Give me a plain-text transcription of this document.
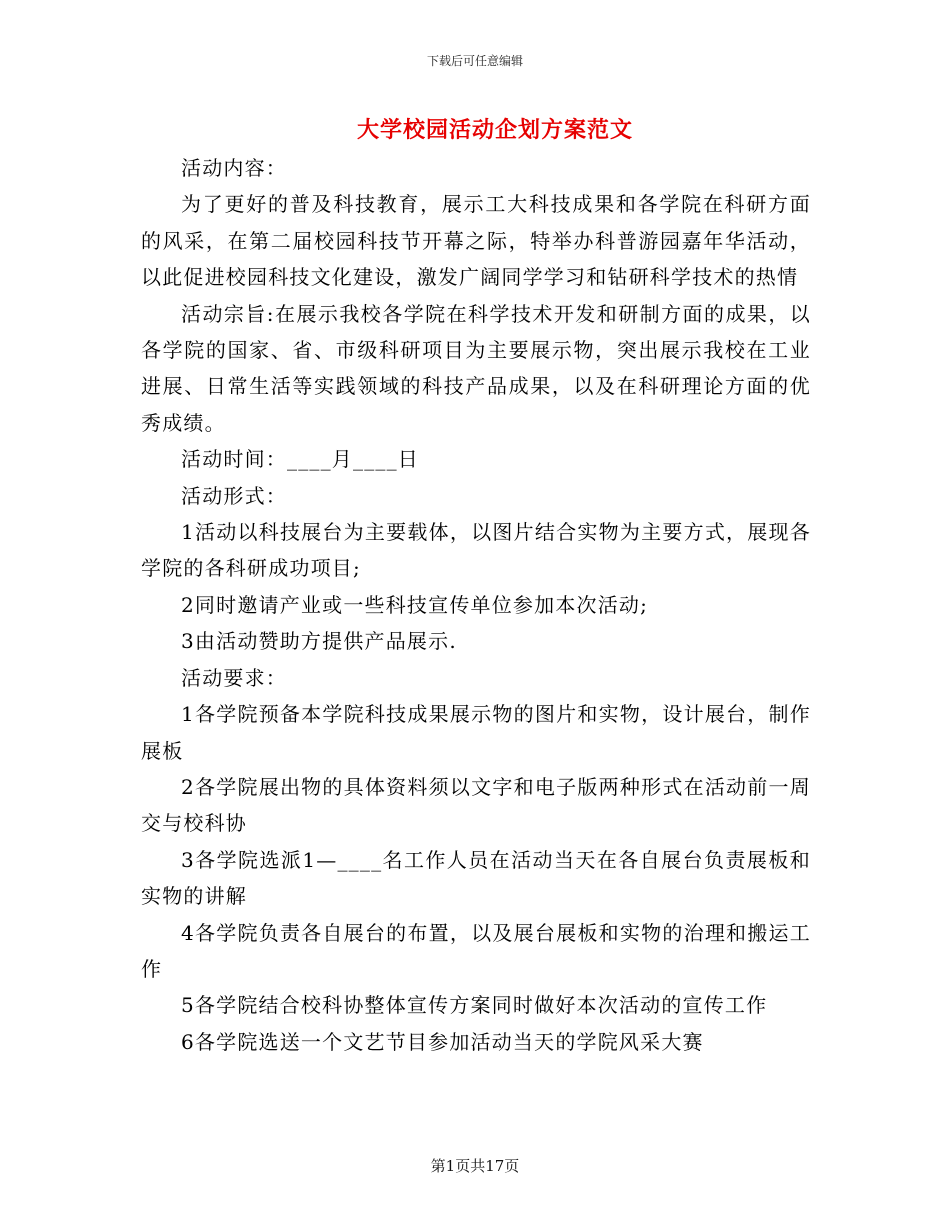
下载后可任意编辑
大学校园活动企划方案范文

活动内容：

为了更好的普及科技教育，展示工大科技成果和各学院在科研方面的风采，在第二届校园科技节开幕之际，特举办科普游园嘉年华活动，以此促进校园科技文化建设，激发广阔同学学习和钻研科学技术的热情

活动宗旨:在展示我校各学院在科学技术开发和研制方面的成果，以各学院的国家、省、市级科研项目为主要展示物，突出展示我校在工业进展、日常生活等实践领域的科技产品成果，以及在科研理论方面的优秀成绩。

活动时间：____月____日

活动形式：

1活动以科技展台为主要载体，以图片结合实物为主要方式，展现各学院的各科研成功项目;

2同时邀请产业或一些科技宣传单位参加本次活动;

3由活动赞助方提供产品展示.

活动要求：

1各学院预备本学院科技成果展示物的图片和实物，设计展台，制作展板

2各学院展出物的具体资料须以文字和电子版两种形式在活动前一周交与校科协

3各学院选派1—____名工作人员在活动当天在各自展台负责展板和实物的讲解

4各学院负责各自展台的布置，以及展台展板和实物的治理和搬运工作

5各学院结合校科协整体宣传方案同时做好本次活动的宣传工作

6各学院选送一个文艺节目参加活动当天的学院风采大赛

第1页共17页
